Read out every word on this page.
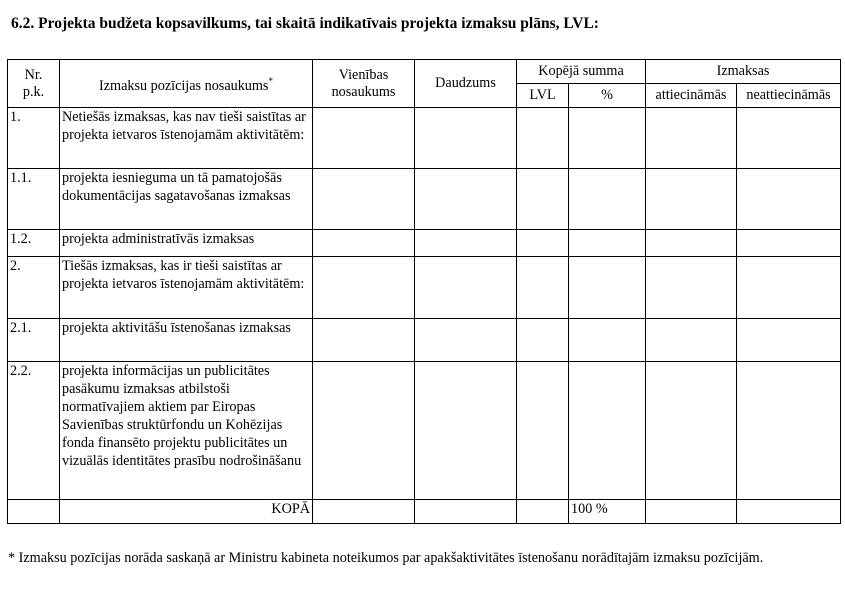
6.2. Projekta budžeta kopsavilkums, tai skaitā indikatīvais projekta izmaksu plāns, LVL:
Nr.
p.k.	Izmaksu pozīcijas nosaukums*	Vienības nosaukums	Daudzums	Kopējā summa		Izmaksas	
				LVL	%	attiecināmās	neattiecināmās
1.	Netiešās izmaksas, kas nav tieši saistītas ar projekta ietvaros īstenojamām aktivitātēm:						
1.1.	projekta iesnieguma un tā pamatojošās dokumentācijas sagatavošanas izmaksas						
1.2.	projekta administratīvās izmaksas						
2.	Tiešās izmaksas, kas ir tieši saistītas ar projekta ietvaros īstenojamām aktivitātēm:						
2.1.	projekta aktivitāšu īstenošanas izmaksas						
2.2.	projekta informācijas un publicitātes pasākumu izmaksas atbilstoši normatīvajiem aktiem par Eiropas Savienības struktūrfondu un Kohēzijas fonda finansēto projektu publicitātes un vizuālās identitātes prasību nodrošināšanu						
	KOPĀ				100 %		
* Izmaksu pozīcijas norāda saskaņā ar Ministru kabineta noteikumos par apakšaktivitātes īstenošanu norādītajām izmaksu pozīcijām.
